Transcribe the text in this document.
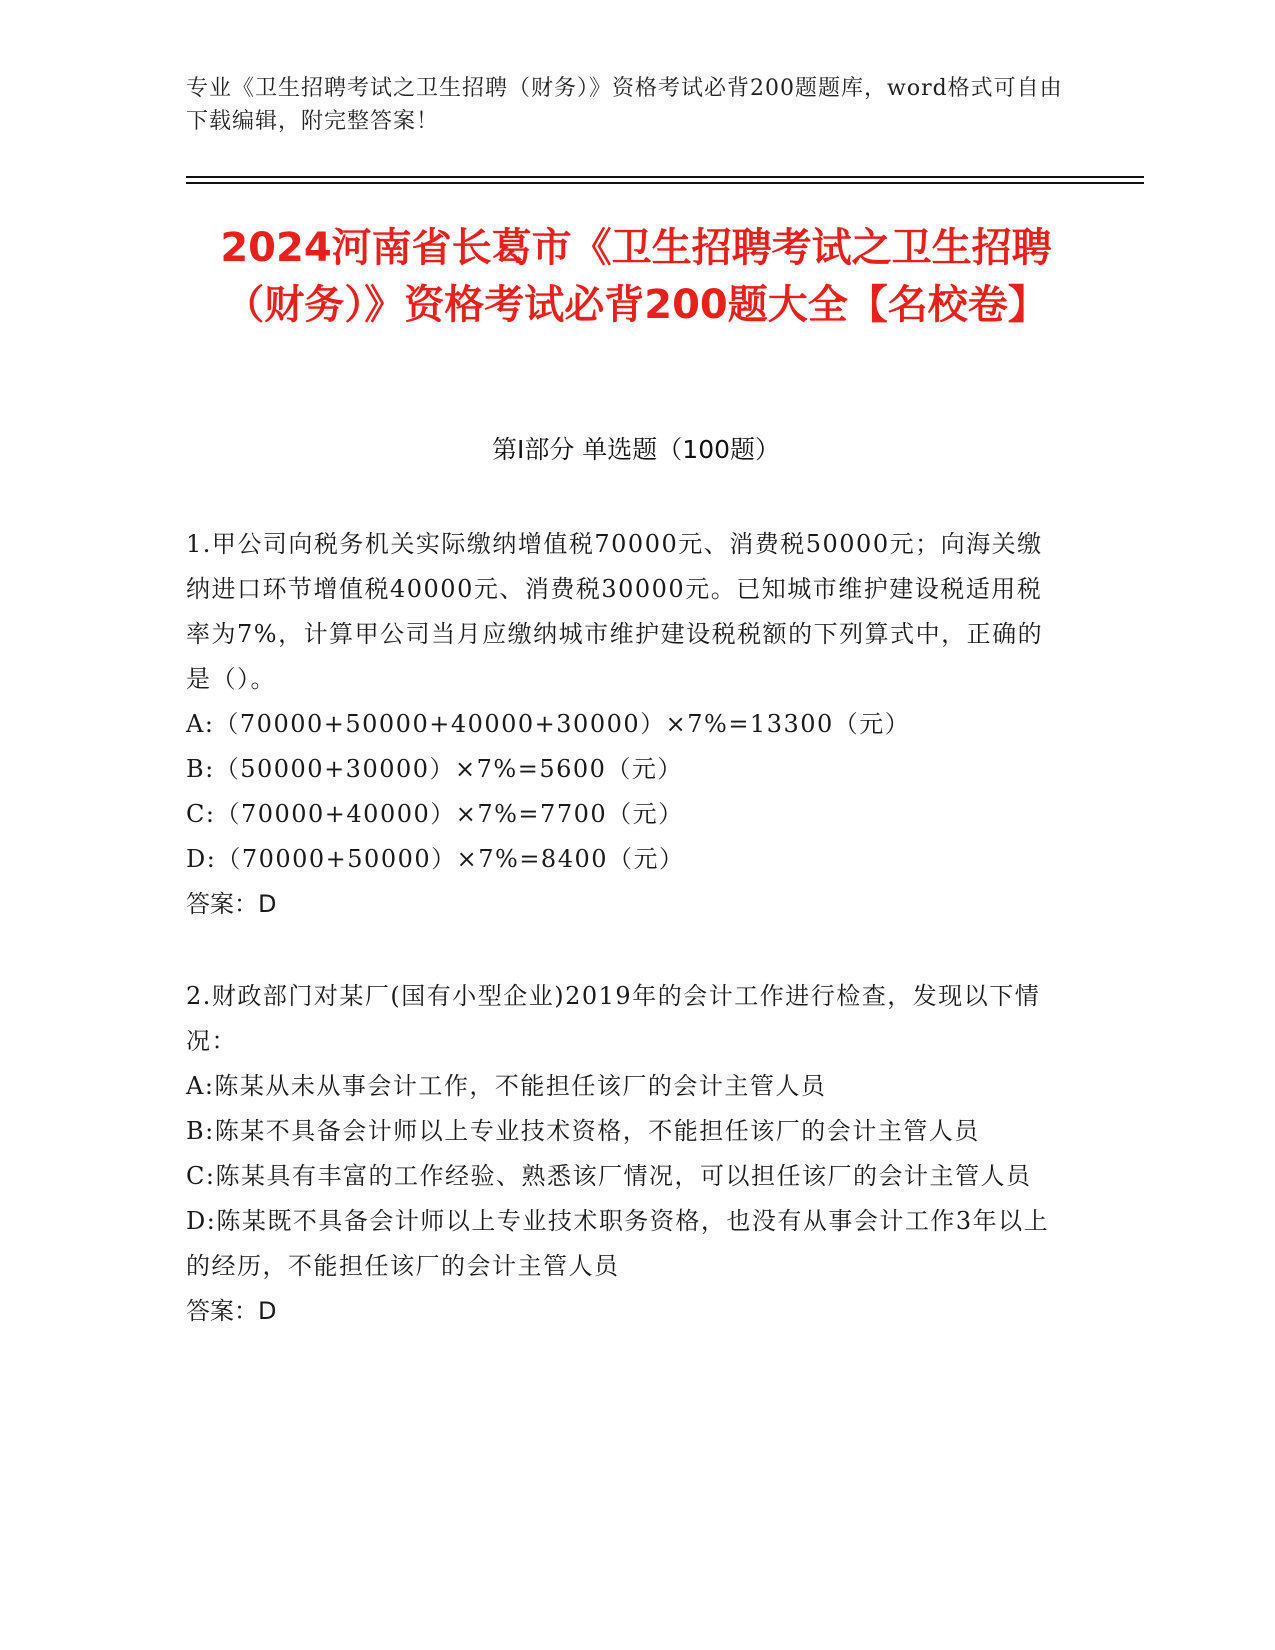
专业《卫生招聘考试之卫生招聘（财务）》资格考试必背200题题库，word格式可自由下载编辑，附完整答案！
2024河南省长葛市《卫生招聘考试之卫生招聘（财务）》资格考试必背200题大全【名校卷】
第I部分 单选题（100题）

1.甲公司向税务机关实际缴纳增值税70000元、消费税50000元；向海关缴纳进口环节增值税40000元、消费税30000元。已知城市维护建设税适用税率为7%，计算甲公司当月应缴纳城市维护建设税税额的下列算式中，正确的是（）。

A:（70000+50000+40000+30000）×7%=13300（元）

B:（50000+30000）×7%=5600（元）

C:（70000+40000）×7%=7700（元）

D:（70000+50000）×7%=8400（元）

答案：D

2.财政部门对某厂(国有小型企业)2019年的会计工作进行检查，发现以下情况：

A:陈某从未从事会计工作，不能担任该厂的会计主管人员

B:陈某不具备会计师以上专业技术资格，不能担任该厂的会计主管人员

C:陈某具有丰富的工作经验、熟悉该厂情况，可以担任该厂的会计主管人员

D:陈某既不具备会计师以上专业技术职务资格，也没有从事会计工作3年以上的经历，不能担任该厂的会计主管人员

答案：D
